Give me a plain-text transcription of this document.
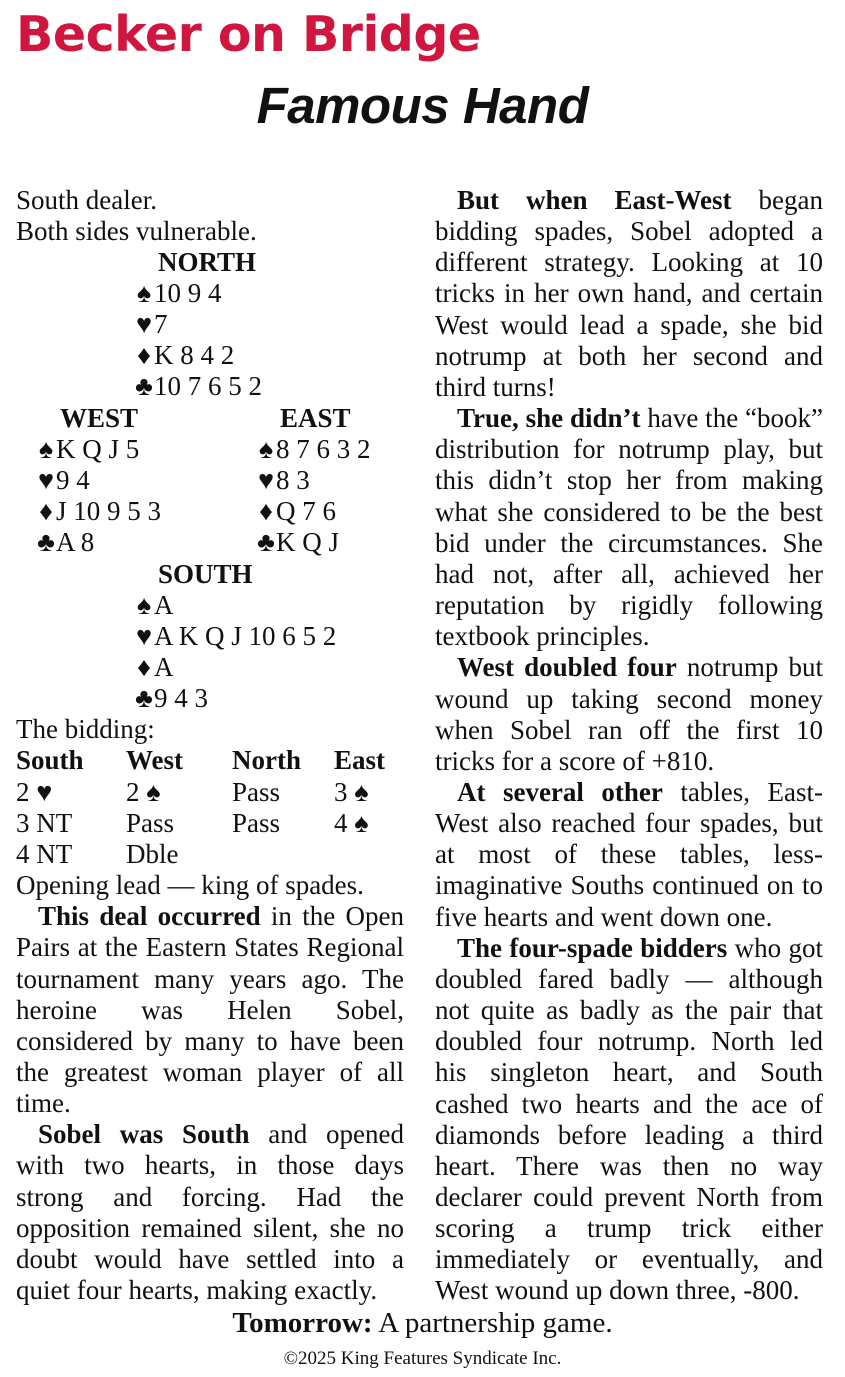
Becker on Bridge
Famous Hand
South dealer.
Both sides vulnerable.
NORTH
♠ 10 9 4
♥7
♦ K 8 4 2
♣10 7 6 5 2
WEST
♠ K Q J 5
♥9 4
♦ J 10 9 5 3
♣A 8
EAST
♠ 8 7 6 3 2
♥8 3
♦ Q 7 6
♣K Q J
SOUTH
♠ A
♥A K Q J 10 6 5 2
♦ A
♣9 4 3
The bidding:
South	West	North	East
2 ♥	2 ♠	Pass	3 ♠
3 NT	Pass	Pass	4 ♠
4 NT	Dble		
Opening lead — king of spades.

This deal occurred in the Open Pairs at the Eastern States Regional tournament many years ago. The heroine was Helen Sobel, considered by many to have been the greatest woman player of all time.

Sobel was South and opened with two hearts, in those days strong and forcing. Had the opposition remained silent, she no doubt would have settled into a quiet four hearts, making exactly.

But when East-West began bidding spades, Sobel adopted a different strategy. Looking at 10 tricks in her own hand, and certain West would lead a spade, she bid notrump at both her second and third turns!

True, she didn’t have the “book” distribution for notrump play, but this didn’t stop her from making what she considered to be the best bid under the circumstances. She had not, after all, achieved her reputation by rigidly following textbook principles.

West doubled four notrump but wound up taking second money when Sobel ran off the first 10 tricks for a score of +810.

At several other tables, East-West also reached four spades, but at most of these tables, less-imaginative Souths continued on to five hearts and went down one.

The four-spade bidders who got doubled fared badly — although not quite as badly as the pair that doubled four notrump. North led his singleton heart, and South cashed two hearts and the ace of diamonds before leading a third heart. There was then no way declarer could prevent North from scoring a trump trick either immediately or eventually, and West wound up down three, -800.

Tomorrow: A partnership game.
©2025 King Features Syndicate Inc.
